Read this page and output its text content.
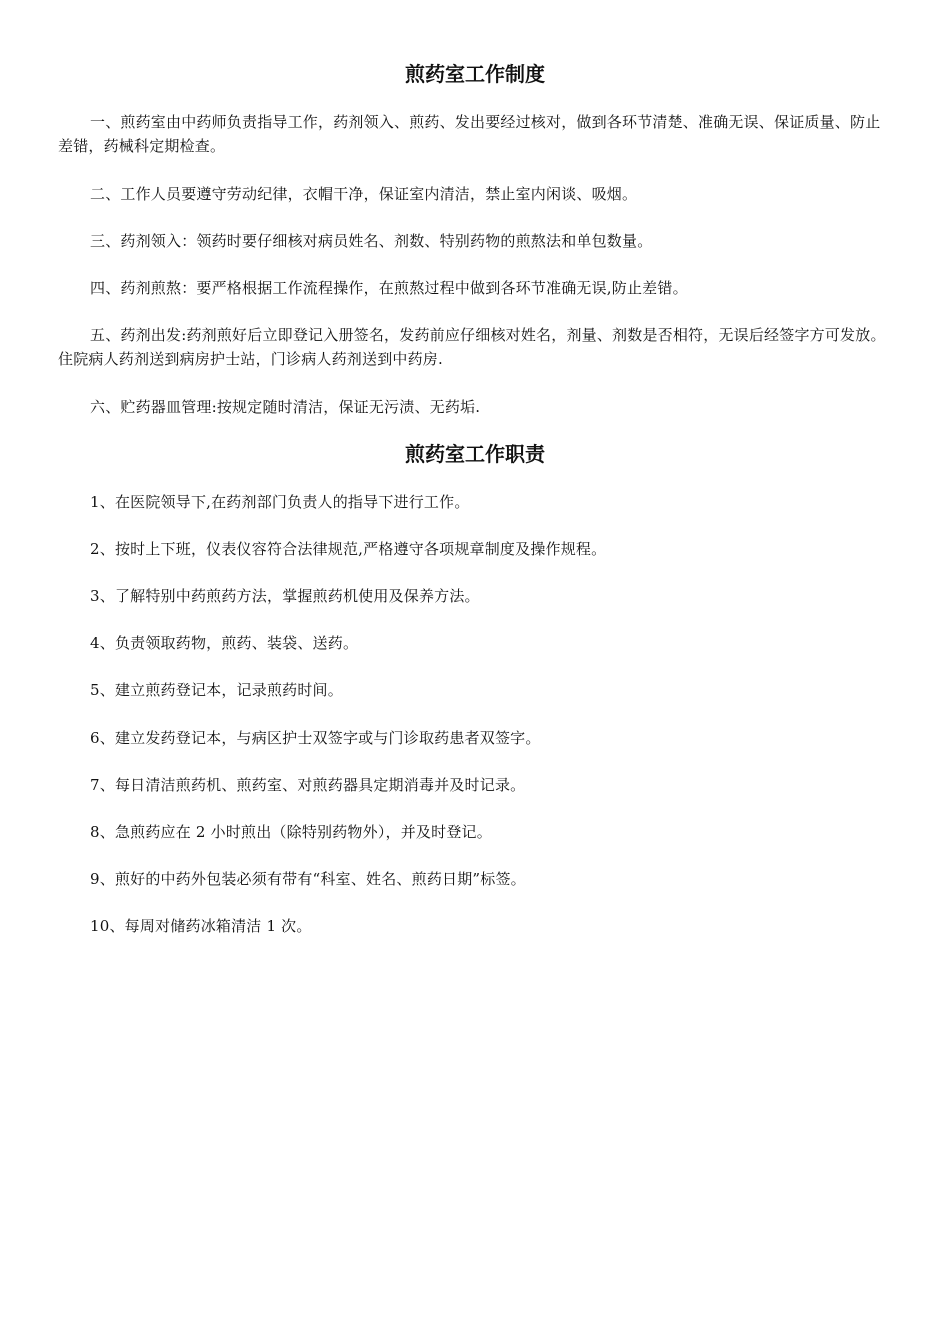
煎药室工作制度

一、煎药室由中药师负责指导工作，药剂领入、煎药、发出要经过核对，做到各环节清楚、准确无误、保证质量、防止差错，药械科定期检查。

二、工作人员要遵守劳动纪律，衣帽干净，保证室内清洁，禁止室内闲谈、吸烟。

三、药剂领入：领药时要仔细核对病员姓名、剂数、特别药物的煎熬法和单包数量。

四、药剂煎熬：要严格根据工作流程操作，在煎熬过程中做到各环节准确无误,防止差错。

五、药剂出发:药剂煎好后立即登记入册签名，发药前应仔细核对姓名，剂量、剂数是否相符，无误后经签字方可发放。住院病人药剂送到病房护士站，门诊病人药剂送到中药房.

六、贮药器皿管理:按规定随时清洁，保证无污渍、无药垢.

煎药室工作职责

1、在医院领导下,在药剂部门负责人的指导下进行工作。

2、按时上下班，仪表仪容符合法律规范,严格遵守各项规章制度及操作规程。

3、了解特别中药煎药方法，掌握煎药机使用及保养方法。

4、负责领取药物，煎药、装袋、送药。

5、建立煎药登记本，记录煎药时间。

6、建立发药登记本，与病区护士双签字或与门诊取药患者双签字。

7、每日清洁煎药机、煎药室、对煎药器具定期消毒并及时记录。

8、急煎药应在 2 小时煎出（除特别药物外），并及时登记。

9、煎好的中药外包装必须有带有“科室、姓名、煎药日期”标签。

10、每周对储药冰箱清洁 1 次。
